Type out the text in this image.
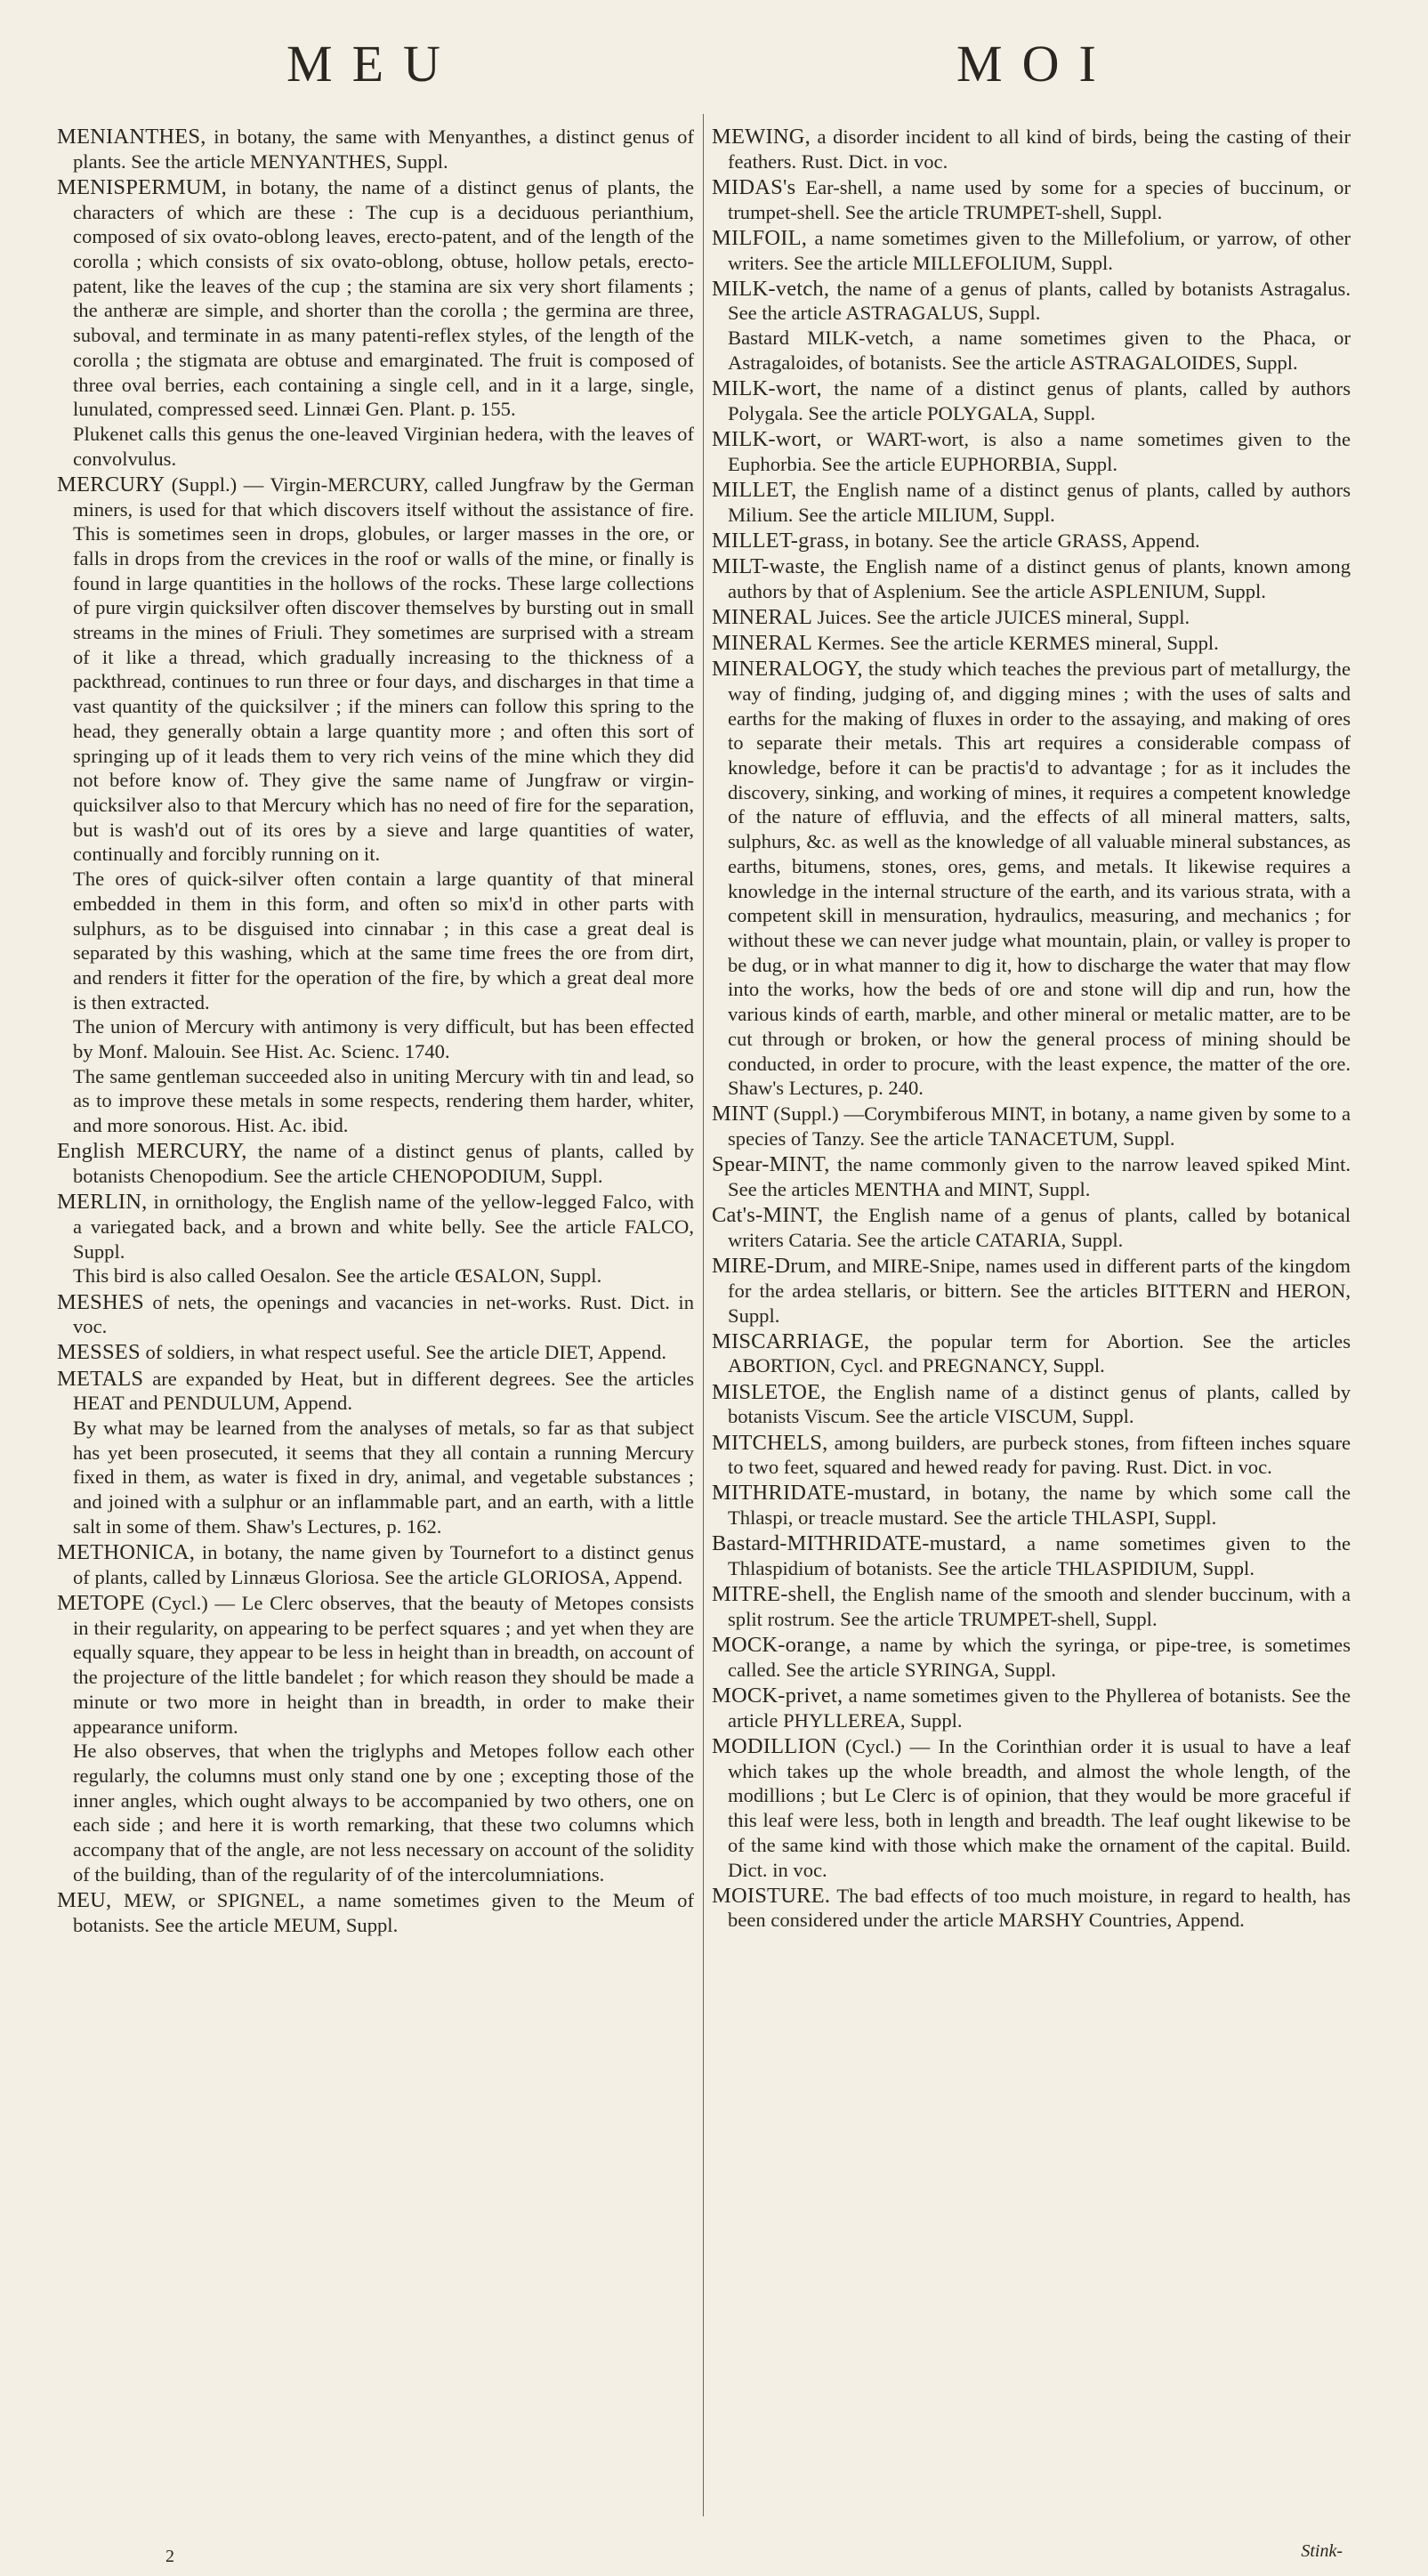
MEU	MOI

MENIANTHES, in botany, the same with Menyanthes, a distinct genus of plants. See the article MENYANTHES, Suppl.

MENISPERMUM, in botany, the name of a distinct genus of plants, the characters of which are these : The cup is a deciduous perianthium, composed of six ovato-oblong leaves, erecto-patent, and of the length of the corolla ; which consists of six ovato-oblong, obtuse, hollow petals, erecto-patent, like the leaves of the cup ; the stamina are six very short filaments ; the antheræ are simple, and shorter than the corolla ; the germina are three, suboval, and terminate in as many patenti-reflex styles, of the length of the corolla ; the stigmata are obtuse and emarginated. The fruit is composed of three oval berries, each containing a single cell, and in it a large, single, lunulated, compressed seed. Linnæi Gen. Plant. p. 155.

Plukenet calls this genus the one-leaved Virginian hedera, with the leaves of convolvulus.

MERCURY (Suppl.) — Virgin-MERCURY, called Jungfraw by the German miners, is used for that which discovers itself without the assistance of fire. This is sometimes seen in drops, globules, or larger masses in the ore, or falls in drops from the crevices in the roof or walls of the mine, or finally is found in large quantities in the hollows of the rocks. These large collections of pure virgin quicksilver often discover themselves by bursting out in small streams in the mines of Friuli. They sometimes are surprised with a stream of it like a thread, which gradually increasing to the thickness of a packthread, continues to run three or four days, and discharges in that time a vast quantity of the quicksilver ; if the miners can follow this spring to the head, they generally obtain a large quantity more ; and often this sort of springing up of it leads them to very rich veins of the mine which they did not before know of. They give the same name of Jungfraw or virgin-quicksilver also to that Mercury which has no need of fire for the separation, but is wash'd out of its ores by a sieve and large quantities of water, continually and forcibly running on it.

The ores of quick-silver often contain a large quantity of that mineral embedded in them in this form, and often so mix'd in other parts with sulphurs, as to be disguised into cinnabar ; in this case a great deal is separated by this washing, which at the same time frees the ore from dirt, and renders it fitter for the operation of the fire, by which a great deal more is then extracted.

The union of Mercury with antimony is very difficult, but has been effected by Monf. Malouin. See Hist. Ac. Scienc. 1740.

The same gentleman succeeded also in uniting Mercury with tin and lead, so as to improve these metals in some respects, rendering them harder, whiter, and more sonorous. Hist. Ac. ibid.

English MERCURY, the name of a distinct genus of plants, called by botanists Chenopodium. See the article CHENOPODIUM, Suppl.

MERLIN, in ornithology, the English name of the yellow-legged Falco, with a variegated back, and a brown and white belly. See the article FALCO, Suppl.

This bird is also called Oesalon. See the article ŒSALON, Suppl.

MESHES of nets, the openings and vacancies in net-works. Rust. Dict. in voc.

MESSES of soldiers, in what respect useful. See the article DIET, Append.

METALS are expanded by Heat, but in different degrees. See the articles HEAT and PENDULUM, Append.

By what may be learned from the analyses of metals, so far as that subject has yet been prosecuted, it seems that they all contain a running Mercury fixed in them, as water is fixed in dry, animal, and vegetable substances ; and joined with a sulphur or an inflammable part, and an earth, with a little salt in some of them. Shaw's Lectures, p. 162.

METHONICA, in botany, the name given by Tournefort to a distinct genus of plants, called by Linnæus Gloriosa. See the article GLORIOSA, Append.

METOPE (Cycl.) — Le Clerc observes, that the beauty of Metopes consists in their regularity, on appearing to be perfect squares ; and yet when they are equally square, they appear to be less in height than in breadth, on account of the projecture of the little bandelet ; for which reason they should be made a minute or two more in height than in breadth, in order to make their appearance uniform.

He also observes, that when the triglyphs and Metopes follow each other regularly, the columns must only stand one by one ; excepting those of the inner angles, which ought always to be accompanied by two others, one on each side ; and here it is worth remarking, that these two columns which accompany that of the angle, are not less necessary on account of the solidity of the building, than of the regularity of of the intercolumniations.

MEU, MEW, or SPIGNEL, a name sometimes given to the Meum of botanists. See the article MEUM, Suppl.

MEWING, a disorder incident to all kind of birds, being the casting of their feathers. Rust. Dict. in voc.

MIDAS's Ear-shell, a name used by some for a species of buccinum, or trumpet-shell. See the article TRUMPET-shell, Suppl.

MILFOIL, a name sometimes given to the Millefolium, or yarrow, of other writers. See the article MILLEFOLIUM, Suppl.

MILK-vetch, the name of a genus of plants, called by botanists Astragalus. See the article ASTRAGALUS, Suppl.

Bastard MILK-vetch, a name sometimes given to the Phaca, or Astragaloides, of botanists. See the article ASTRAGALOIDES, Suppl.

MILK-wort, the name of a distinct genus of plants, called by authors Polygala. See the article POLYGALA, Suppl.

MILK-wort, or WART-wort, is also a name sometimes given to the Euphorbia. See the article EUPHORBIA, Suppl.

MILLET, the English name of a distinct genus of plants, called by authors Milium. See the article MILIUM, Suppl.

MILLET-grass, in botany. See the article GRASS, Append.

MILT-waste, the English name of a distinct genus of plants, known among authors by that of Asplenium. See the article ASPLENIUM, Suppl.

MINERAL Juices. See the article JUICES mineral, Suppl.

MINERAL Kermes. See the article KERMES mineral, Suppl.

MINERALOGY, the study which teaches the previous part of metallurgy, the way of finding, judging of, and digging mines ; with the uses of salts and earths for the making of fluxes in order to the assaying, and making of ores to separate their metals. This art requires a considerable compass of knowledge, before it can be practis'd to advantage ; for as it includes the discovery, sinking, and working of mines, it requires a competent knowledge of the nature of effluvia, and the effects of all mineral matters, salts, sulphurs, &c. as well as the knowledge of all valuable mineral substances, as earths, bitumens, stones, ores, gems, and metals. It likewise requires a knowledge in the internal structure of the earth, and its various strata, with a competent skill in mensuration, hydraulics, measuring, and mechanics ; for without these we can never judge what mountain, plain, or valley is proper to be dug, or in what manner to dig it, how to discharge the water that may flow into the works, how the beds of ore and stone will dip and run, how the various kinds of earth, marble, and other mineral or metalic matter, are to be cut through or broken, or how the general process of mining should be conducted, in order to procure, with the least expence, the matter of the ore. Shaw's Lectures, p. 240.

MINT (Suppl.) —Corymbiferous MINT, in botany, a name given by some to a species of Tanzy. See the article TANACETUM, Suppl.

Spear-MINT, the name commonly given to the narrow leaved spiked Mint. See the articles MENTHA and MINT, Suppl.

Cat's-MINT, the English name of a genus of plants, called by botanical writers Cataria. See the article CATARIA, Suppl.

MIRE-Drum, and MIRE-Snipe, names used in different parts of the kingdom for the ardea stellaris, or bittern. See the articles BITTERN and HERON, Suppl.

MISCARRIAGE, the popular term for Abortion. See the articles ABORTION, Cycl. and PREGNANCY, Suppl.

MISLETOE, the English name of a distinct genus of plants, called by botanists Viscum. See the article VISCUM, Suppl.

MITCHELS, among builders, are purbeck stones, from fifteen inches square to two feet, squared and hewed ready for paving. Rust. Dict. in voc.

MITHRIDATE-mustard, in botany, the name by which some call the Thlaspi, or treacle mustard. See the article THLASPI, Suppl.

Bastard-MITHRIDATE-mustard, a name sometimes given to the Thlaspidium of botanists. See the article THLASPIDIUM, Suppl.

MITRE-shell, the English name of the smooth and slender buccinum, with a split rostrum. See the article TRUMPET-shell, Suppl.

MOCK-orange, a name by which the syringa, or pipe-tree, is sometimes called. See the article SYRINGA, Suppl.

MOCK-privet, a name sometimes given to the Phyllerea of botanists. See the article PHYLLEREA, Suppl.

MODILLION (Cycl.) — In the Corinthian order it is usual to have a leaf which takes up the whole breadth, and almost the whole length, of the modillions ; but Le Clerc is of opinion, that they would be more graceful if this leaf were less, both in length and breadth. The leaf ought likewise to be of the same kind with those which make the ornament of the capital. Build. Dict. in voc.

MOISTURE. The bad effects of too much moisture, in regard to health, has been considered under the article MARSHY Countries, Append.

2	Stink-
